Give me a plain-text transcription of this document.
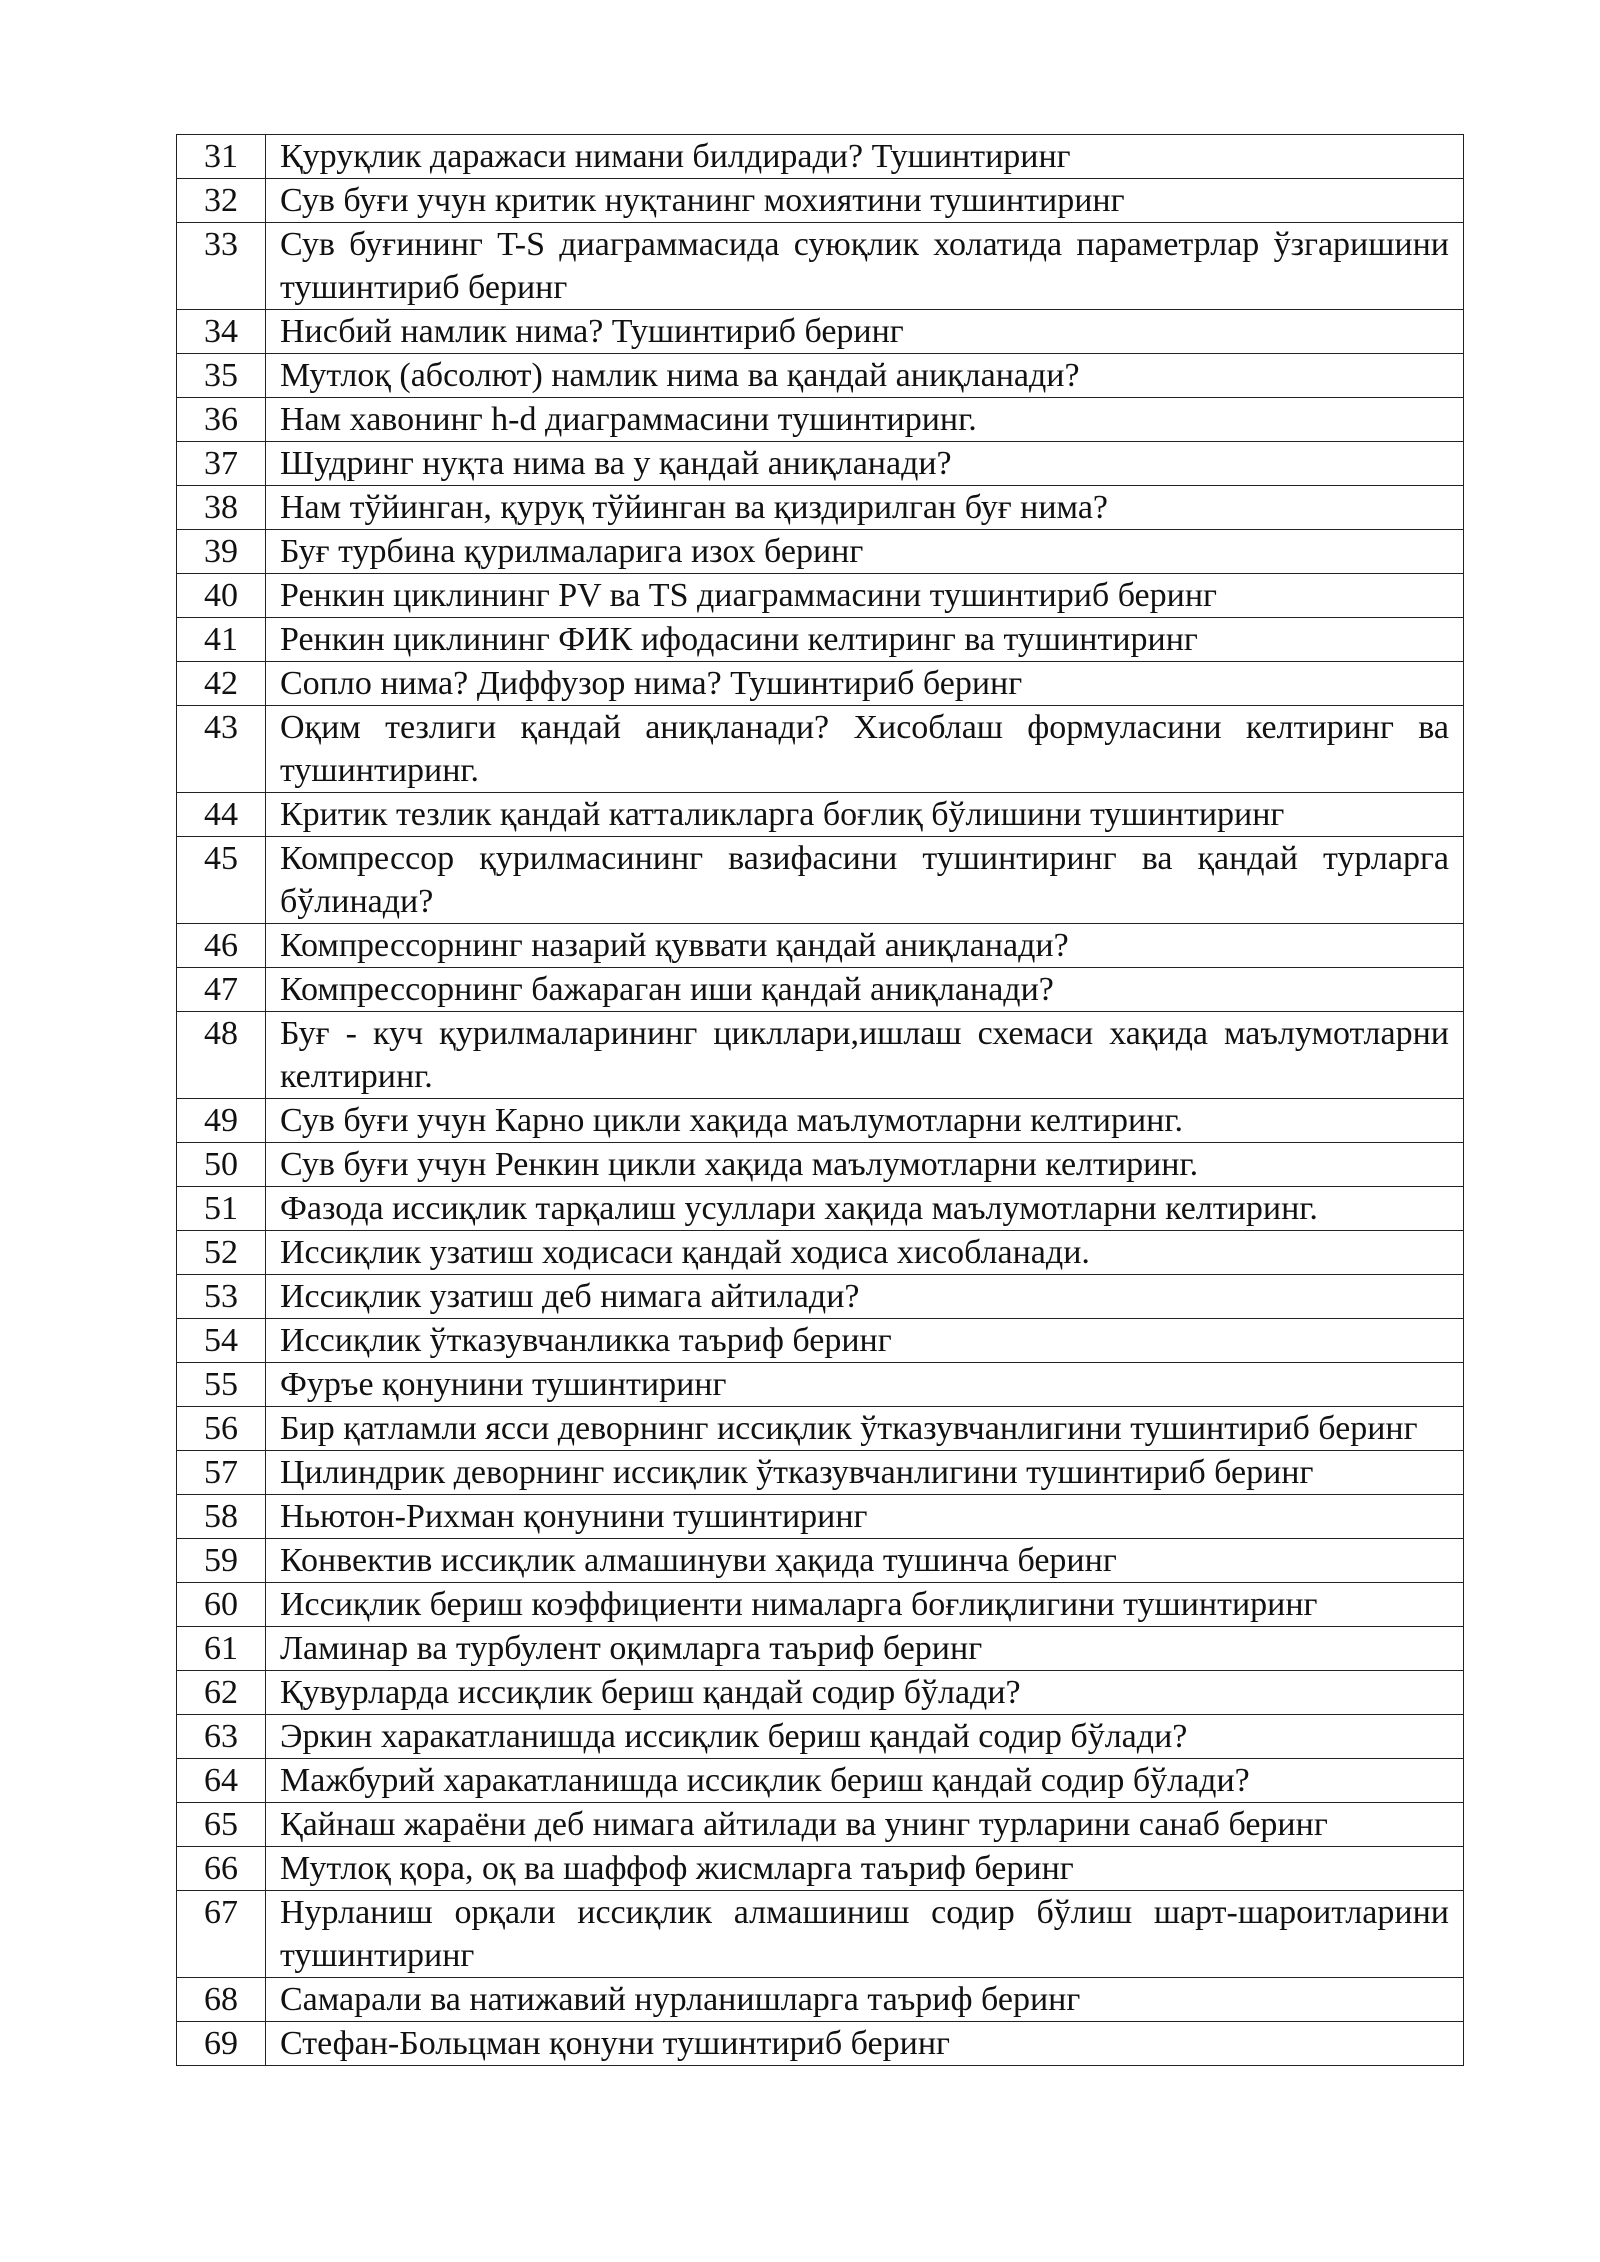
31	Қуруқлик даражаси нимани билдиради? Тушинтиринг
32	Сув буғи учун критик нуқтанинг мохиятини тушинтиринг
33	Сув буғининг T-S диаграммасида суюқлик холатида параметрлар ўзгаришини тушинтириб беринг
34	Нисбий намлик нима? Тушинтириб беринг
35	Мутлоқ (абсолют) намлик нима ва қандай аниқланади?
36	Нам хавонинг h-d диаграммасини тушинтиринг.
37	Шудринг нуқта нима ва у қандай аниқланади?
38	Нам тўйинган, қуруқ тўйинган ва қиздирилган буғ нима?
39	Буғ турбина қурилмаларига изох беринг
40	Ренкин циклининг PV ва TS диаграммасини тушинтириб беринг
41	Ренкин циклининг ФИК ифодасини келтиринг ва тушинтиринг
42	Сопло нима? Диффузор нима? Тушинтириб беринг
43	Оқим тезлиги қандай аниқланади? Хисоблаш формуласини келтиринг ва тушинтиринг.
44	Критик тезлик қандай катталикларга боғлиқ бўлишини тушинтиринг
45	Компрессор қурилмасининг вазифасини тушинтиринг ва қандай турларга бўлинади?
46	Компрессорнинг назарий қуввати қандай аниқланади?
47	Компрессорнинг бажараган иши қандай аниқланади?
48	Буғ - куч қурилмаларининг цикллари,ишлаш схемаси хақида маълумотларни келтиринг.
49	Сув буғи учун Карно цикли хақида маълумотларни келтиринг.
50	Сув буғи учун Ренкин цикли хақида маълумотларни келтиринг.
51	Фазода иссиқлик тарқалиш усуллари хақида маълумотларни келтиринг.
52	Иссиқлик узатиш ходисаси қандай ходиса хисобланади.
53	Иссиқлик узатиш деб нимага айтилади?
54	Иссиқлик ўтказувчанликка таъриф беринг
55	Фуръе қонунини тушинтиринг
56	Бир қатламли ясси деворнинг иссиқлик ўтказувчанлигини тушинтириб беринг
57	Цилиндрик деворнинг иссиқлик ўтказувчанлигини тушинтириб беринг
58	Ньютон-Рихман қонунини тушинтиринг
59	Конвектив иссиқлик алмашинуви ҳақида тушинча беринг
60	Иссиқлик бериш коэффициенти нималарга боғлиқлигини тушинтиринг
61	Ламинар ва турбулент оқимларга таъриф беринг
62	Қувурларда иссиқлик бериш қандай содир бўлади?
63	Эркин харакатланишда иссиқлик бериш қандай содир бўлади?
64	Мажбурий харакатланишда иссиқлик бериш қандай содир бўлади?
65	Қайнаш жараёни деб нимага айтилади ва унинг турларини санаб беринг
66	Мутлоқ қора, оқ ва шаффоф жисмларга таъриф беринг
67	Нурланиш орқали иссиқлик алмашиниш содир бўлиш шарт-шароитларини тушинтиринг
68	Самарали ва натижавий нурланишларга таъриф беринг
69	Стефан-Больцман қонуни тушинтириб беринг
